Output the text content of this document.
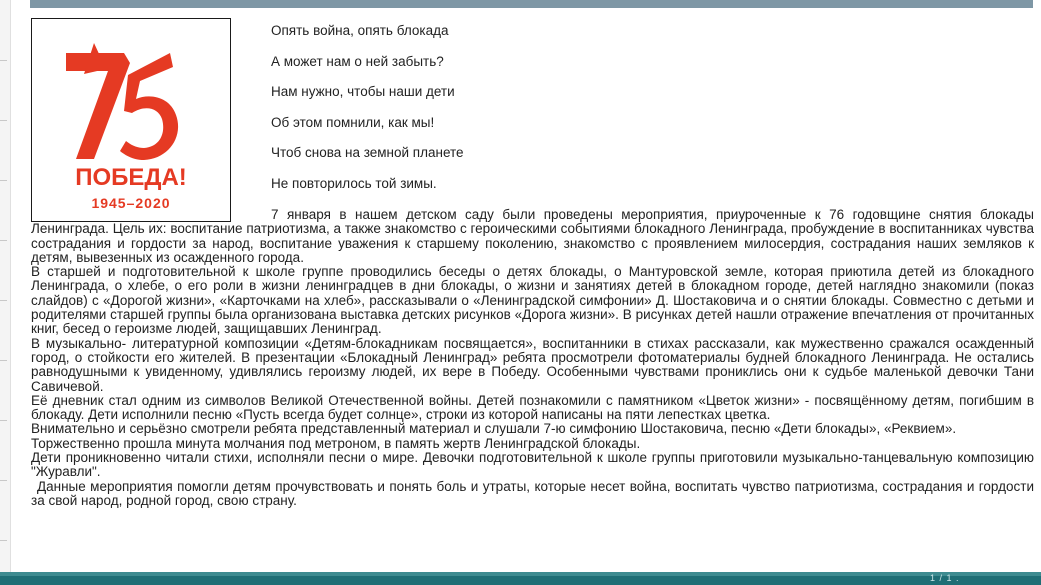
ПОБЕДА!
1945–2020
Опять война, опять блокада
А может нам о ней забыть?
Нам нужно, чтобы наши дети
Об этом помнили, как мы!
Чтоб снова на земной планете
Не повторилось той зимы.

7 января в нашем детском саду были проведены мероприятия, приуроченные к 76 годовщине снятия блокады Ленинграда. Цель их: воспитание патриотизма, а также знакомство с героическими событиями блокадного Ленинграда, пробуждение в воспитанниках чувства сострадания и гордости за народ, воспитание уважения к старшему поколению, знакомство с проявлением милосердия, сострадания наших земляков к детям, вывезенных из осажденного города.

В старшей и подготовительной к школе группе проводились беседы о детях блокады, о Мантуровской земле, которая приютила детей из блокадного Ленинграда, о хлебе, о его роли в жизни ленинградцев в дни блокады, о жизни и занятиях детей в блокадном городе, детей наглядно знакомили (показ слайдов) с «Дорогой жизни», «Карточками на хлеб», рассказывали о «Ленинградской симфонии» Д. Шостаковича и о снятии блокады. Совместно с детьми и родителями старшей группы была организована выставка детских рисунков «Дорога жизни». В рисунках детей нашли отражение впечатления от прочитанных книг, бесед о героизме людей, защищавших Ленинград.

В музыкально- литературной композиции «Детям-блокадникам посвящается», воспитанники в стихах рассказали, как мужественно сражался осажденный город, о стойкости его жителей. В презентации «Блокадный Ленинград» ребята просмотрели фотоматериалы будней блокадного Ленинграда. Не остались равнодушными к увиденному, удивлялись героизму людей, их вере в Победу. Особенными чувствами прониклись они к судьбе маленькой девочки Тани Савичевой.

Её дневник стал одним из символов Великой Отечественной войны. Детей познакомили с памятником «Цветок жизни» - посвящённому детям, погибшим в блокаду. Дети исполнили песню «Пусть всегда будет солнце», строки из которой написаны на пяти лепестках цветка.

Внимательно и серьёзно смотрели ребята представленный материал и слушали 7-ю симфонию Шостаковича, песню «Дети блокады», «Реквием».

Торжественно прошла минута молчания под метроном, в память жертв Ленинградской блокады.

Дети проникновенно читали стихи, исполняли песни о мире. Девочки подготовительной к школе группы приготовили музыкально-танцевальную композицию "Журавли".

Данные мероприятия помогли детям прочувствовать и понять боль и утраты, которые несет война, воспитать чувство патриотизма, сострадания и гордости за свой народ, родной город, свою страну.

1 / 1 .
